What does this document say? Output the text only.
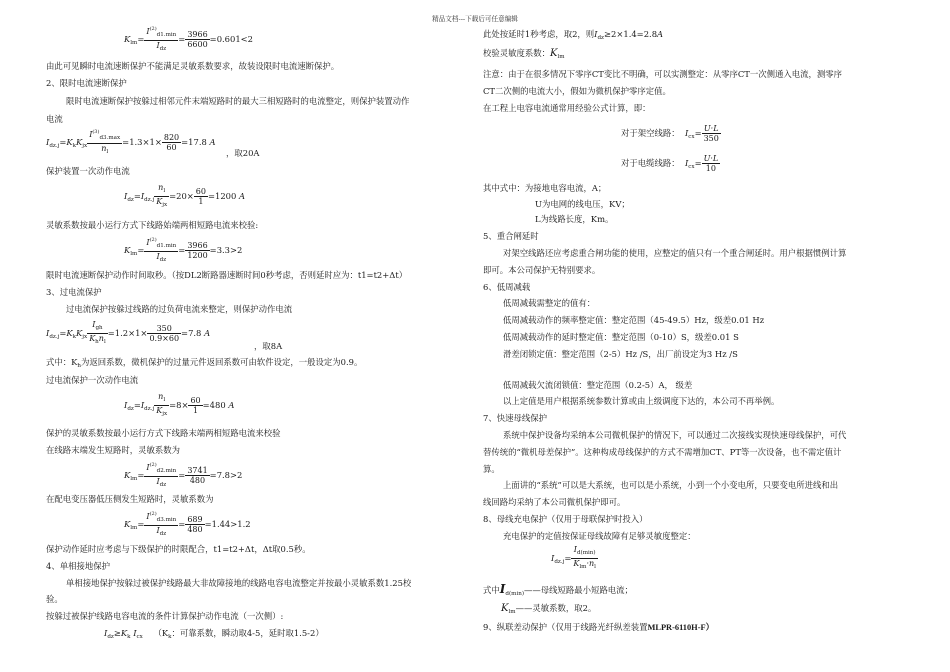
精品文档---下载后可任意编辑
$K_{lm}= \frac{I^{(2)}_{d1.min}}{I_{dz}} = \frac{3966}{6600} =0.601<2$
由此可见瞬时电流速断保护不能满足灵敏系数要求，故装设限时电流速断保护。
2、限时电流速断保护
限时电流速断保护按躲过相邻元件末端短路时的最大三相短路时的电流整定，则保护装置动作
电流
$I_{dz.j}=K_kK_{jx} \frac{I^{(3)}_{d3.max}}{n_l} =1.3\times 1\times \frac{820}{60} =17.8$ A
，取20A
保护装置一次动作电流
$I_{dz}=I_{dz.j} \frac{n_l}{K_{jx}} =20\times \frac{60}{1} =1200$ A
灵敏系数按最小运行方式下线路始端两相短路电流来校验:
$K_{lm}= \frac{I^{(2)}_{d1.min}}{I_{dz}} = \frac{3966}{1200} =3.3>2$
限时电流速断保护动作时间取秒。（按DL2断路器速断时间0秒考虑，否则延时应为：t1=t2+Δt）
3、过电流保护
过电流保护按躲过线路的过负荷电流来整定，则保护动作电流
$I_{dz.j}=K_kK_{jx} \frac{I_{gh}}{K_hn_l} =1.2\times 1\times \frac{350}{0.9\times 60} =7.8$ A
，取8A
式中：$K_h$为返回系数，微机保护的过量元件返回系数可由软件设定，一般设定为0.9。
过电流保护一次动作电流
$I_{dz}=I_{dz.j} \frac{n_l}{K_{jx}} =8\times \frac{60}{1} =480$ A
保护的灵敏系数按最小运行方式下线路末端两相短路电流来校验
在线路末端发生短路时，灵敏系数为
$K_{lm}= \frac{I^{(2)}_{d2.min}}{I_{dz}} = \frac{3741}{480} =7.8>2$
在配电变压器低压侧发生短路时，灵敏系数为
$K_{lm}= \frac{I^{(2)}_{d3.min}}{I_{dz}} = \frac{689}{480} =1.44>1.2$
保护动作延时应考虑与下级保护的时限配合，t1=t2+Δt，Δt取0.5秒。
4、单相接地保护
单相接地保护按躲过被保护线路最大非故障接地的线路电容电流整定并按最小灵敏系数1.25校
验。
按躲过被保护线路电容电流的条件计算保护动作电流（一次侧）:
$I_{dz}\ge K_k$ $I_{cx}$ （$K_k$：可靠系数，瞬动取4-5，延时取1.5-2）
此处按延时1秒考虑，取2，则$I_{dz}\ge 2\times 1.4=2.8A$
校验灵敏度系数：$K_{lm}$
注意：由于在很多情况下零序CT变比不明确，可以实测整定：从零序CT一次侧通入电流，测零序
CT二次侧的电流大小，假如为微机保护零序定值。
在工程上电容电流通常用经验公式计算，即：
对于架空线路： $I_{cx}= \frac{U\cdot L}{350}$
对于电缆线路： $I_{cx}= \frac{U\cdot L}{10}$
其中式中：为接地电容电流，A；
U为电网的线电压，KV；
L为线路长度，Km。
5、重合闸延时
对架空线路还应考虑重合闸功能的使用，应整定的值只有一个重合闸延时。用户根据惯例计算
即可。本公司保护无特别要求。
6、低周减载
低周减载需整定的值有：
低周减载动作的频率整定值：整定范围（45-49.5）Hz，级差0.01 Hz
低周减载动作的延时整定值：整定范围（0-10）S，级差0.01 S
滑差闭锁定值：整定范围（2-5）Hz /S，出厂前设定为3 Hz /S
低周减载欠流闭锁值：整定范围（0.2-5）A， 级差
以上定值是用户根据系统参数计算或由上级调度下达的，本公司不再举例。
7、快速母线保护
系统中保护设备均采纳本公司微机保护的情况下，可以通过二次接线实现快速母线保护，可代
替传统的“微机母差保护”。这种构成母线保护的方式不需增加CT、PT等一次设备，也不需定值计
算。
上面讲的“系统”可以是大系统，也可以是小系统，小到一个小变电所，只要变电所进线和出
线回路均采纳了本公司微机保护即可。
8、母线充电保护（仅用于母联保护时投入）
充电保护的定值按保证母线故障有足够灵敏度整定：
$I_{dz.j}= \frac{I_{d(min)}}{K_{lm}\cdot n_l}$
式中$I_{d(min)}——$母线短路最小短路电流；
$K_{lm}——$灵敏系数，取2。
9、纵联差动保护（仅用于线路光纤纵差装置MLPR-6110H-F）
